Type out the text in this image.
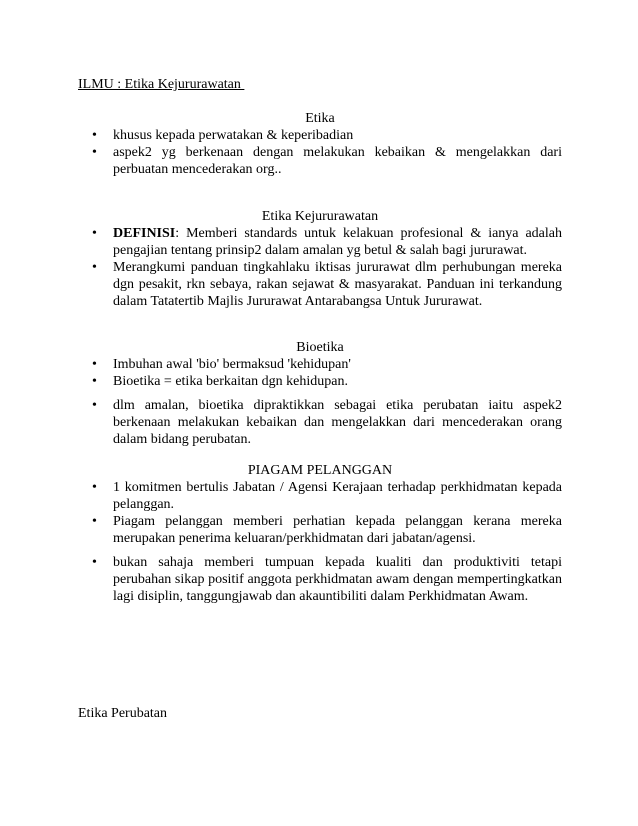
ILMU : Etika Kejururawatan
Etika
• khusus kepada perwatakan & keperibadian
• aspek2 yg berkenaan dengan melakukan kebaikan & mengelakkan dari perbuatan mencederakan org..
Etika Kejururawatan
• DEFINISI: Memberi standards untuk kelakuan profesional & ianya adalah pengajian tentang prinsip2 dalam amalan yg betul & salah bagi jururawat.
• Merangkumi panduan tingkahlaku iktisas jururawat dlm perhubungan mereka dgn pesakit, rkn sebaya, rakan sejawat & masyarakat. Panduan ini terkandung dalam Tatatertib Majlis Jururawat Antarabangsa Untuk Jururawat.
Bioetika
• Imbuhan awal 'bio' bermaksud 'kehidupan'
• Bioetika = etika berkaitan dgn kehidupan.
• dlm amalan, bioetika dipraktikkan sebagai etika perubatan iaitu aspek2 berkenaan melakukan kebaikan dan mengelakkan dari mencederakan orang dalam bidang perubatan.
PIAGAM PELANGGAN
• 1 komitmen bertulis Jabatan / Agensi Kerajaan terhadap perkhidmatan kepada pelanggan.
• Piagam pelanggan memberi perhatian kepada pelanggan kerana mereka merupakan penerima keluaran/perkhidmatan dari jabatan/agensi.
• bukan sahaja memberi tumpuan kepada kualiti dan produktiviti tetapi perubahan sikap positif anggota perkhidmatan awam dengan mempertingkatkan lagi disiplin, tanggungjawab dan akauntibiliti dalam Perkhidmatan Awam.
Etika Perubatan
